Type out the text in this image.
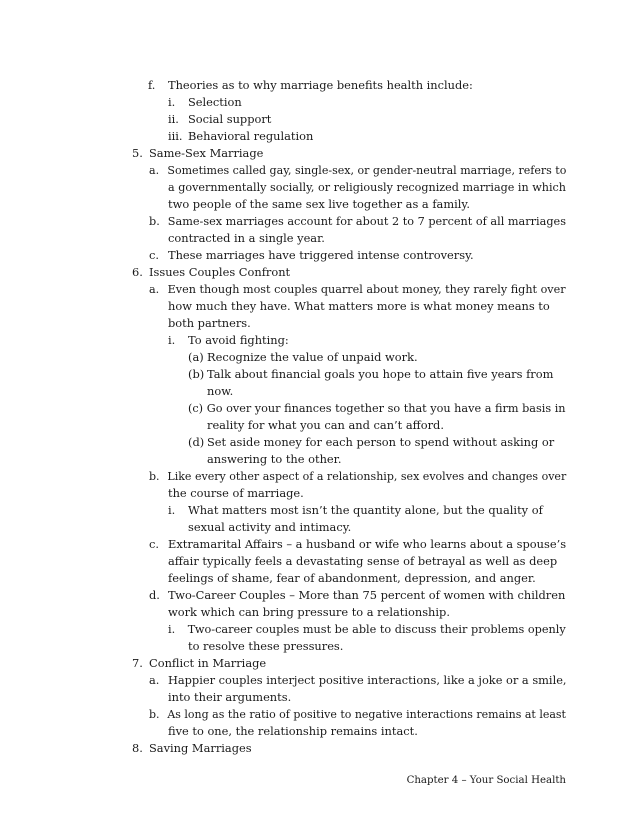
f. Theories as to why marriage benefits health include:
i. Selection
ii. Social support
iii. Behavioral regulation
5. Same-Sex Marriage
a. Sometimes called gay, single-sex, or gender-neutral marriage, refers to
a governmentally socially, or religiously recognized marriage in which
two people of the same sex live together as a family.
b. Same-sex marriages account for about 2 to 7 percent of all marriages
contracted in a single year.
c. These marriages have triggered intense controversy.
6. Issues Couples Confront
a. Even though most couples quarrel about money, they rarely fight over
how much they have. What matters more is what money means to
both partners.
i. To avoid fighting:
(a) Recognize the value of unpaid work.
(b) Talk about financial goals you hope to attain five years from
now.
(c) Go over your finances together so that you have a firm basis in
reality for what you can and can’t afford.
(d) Set aside money for each person to spend without asking or
answering to the other.
b. Like every other aspect of a relationship, sex evolves and changes over
the course of marriage.
i. What matters most isn’t the quantity alone, but the quality of
sexual activity and intimacy.
c. Extramarital Affairs – a husband or wife who learns about a spouse’s
affair typically feels a devastating sense of betrayal as well as deep
feelings of shame, fear of abandonment, depression, and anger.
d. Two-Career Couples – More than 75 percent of women with children
work which can bring pressure to a relationship.
i. Two-career couples must be able to discuss their problems openly
to resolve these pressures.
7. Conflict in Marriage
a. Happier couples interject positive interactions, like a joke or a smile,
into their arguments.
b. As long as the ratio of positive to negative interactions remains at least
five to one, the relationship remains intact.
8. Saving Marriages
Chapter 4 – Your Social Health
